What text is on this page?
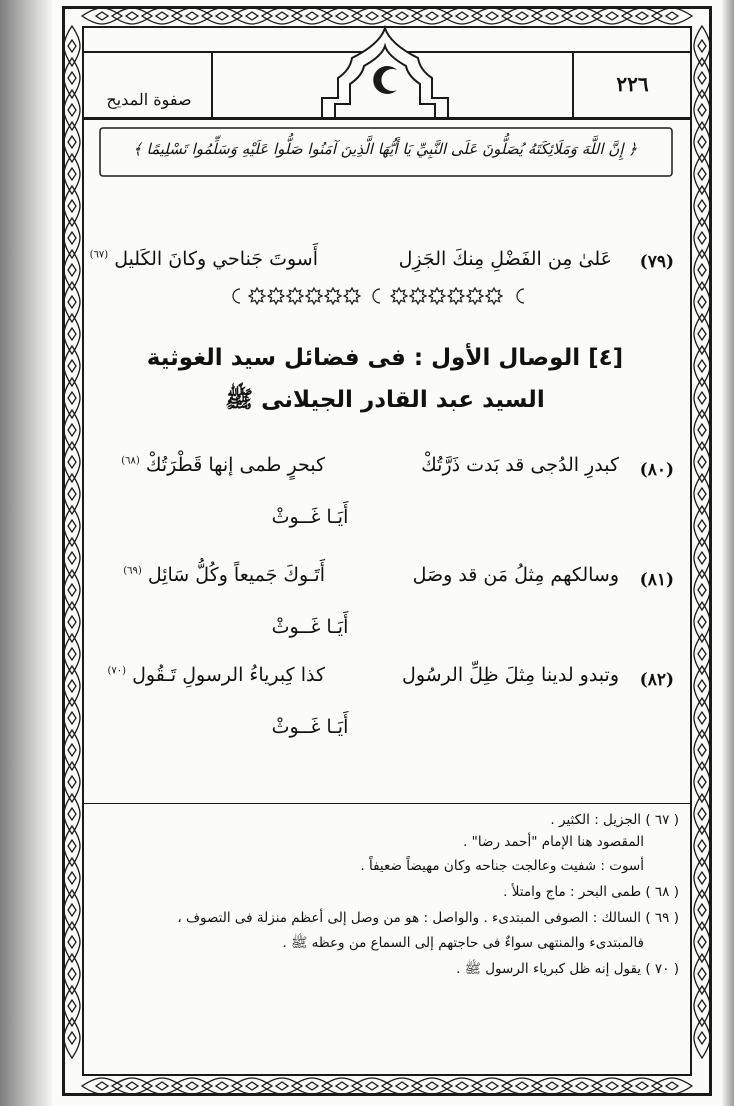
٢٢٦
صفوة المديح
﴿ إِنَّ اللَّهَ وَمَلَائِكَتَهُ يُصَلُّونَ عَلَى النَّبِيِّ يَا أَيُّهَا الَّذِينَ آمَنُوا صَلُّوا عَلَيْهِ وَسَلِّمُوا تَسْلِيمًا ﴾
(٧٩)
عَلىٰ مِن الفَضْلِ مِنكَ الجَزِل
أَسوتَ جَناحي وكانَ الكَليل $^{(٦٧)}$
[٤] الوصال الأول : فى فضائل سيد الغوثية
السيد عبد القادر الجيلانى ﷺ
(٨٠)
كبدرِ الدُجى قد بَدت ذَرَّتُكْ
كبحرٍ طمى إنها قَطْرَتُكْ $^{(٦٨)}$
أَيَـا غَــوثْ
(٨١)
وسالكهم مِثلُ مَن قد وصَل
أَتَـوكَ جَميعاً وكُلُّ سَائِل $^{(٦٩)}$
أَيَـا غَــوثْ
(٨٢)
وتبدو لدينا مِثلَ ظِلِّ الرسُول
كذا كِبرياءُ الرسولِ تَـقُول $^{(٧٠)}$
أَيَـا غَــوثْ
( ٦٧ ) الجزيل : الكثير .
المقصود هنا الإمام "أحمد رضا" .
أسوت : شفيت وعالجت جناحه وكان مهيضاً ضعيفاً .
( ٦٨ ) طمى البحر : ماج وامتلأ .
( ٦٩ ) السالك : الصوفى المبتدىء . والواصل : هو من وصل إلى أعظم منزلة فى التصوف ،
فالمبتدىء والمنتهى سواءٌ فى حاجتهم إلى السماع من وعظه ﷺ .
( ٧٠ ) يقول إنه ظل كبرياء الرسول ﷺ .
